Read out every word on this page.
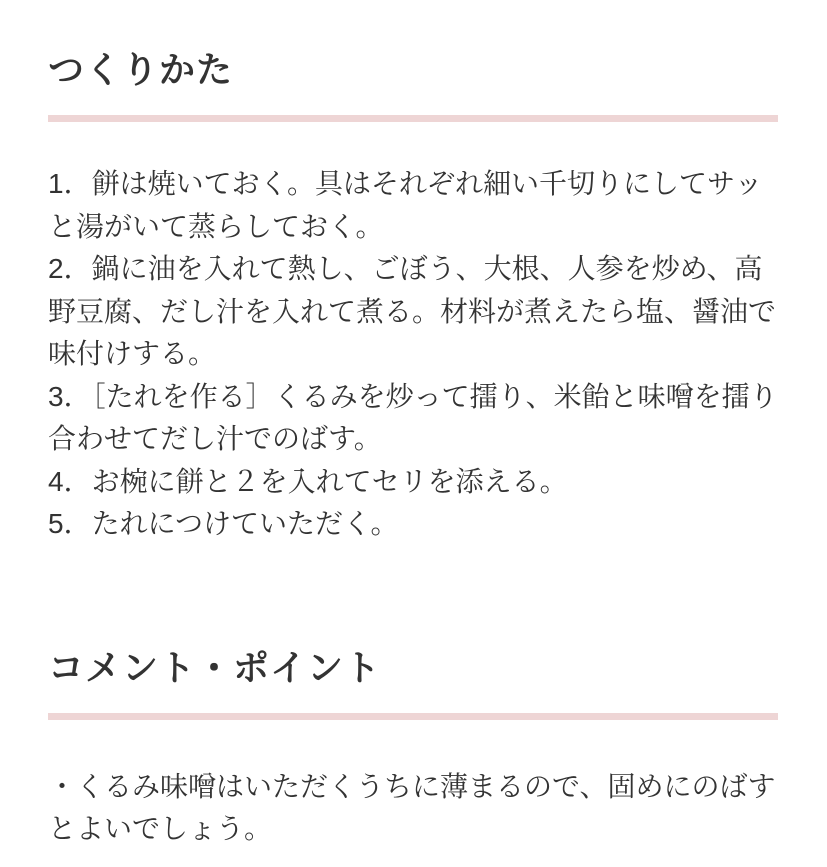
つくりかた
1．餅は焼いておく。具はそれぞれ細い千切りにしてサッと湯がいて蒸らしておく。
2．鍋に油を入れて熱し、ごぼう、大根、人参を炒め、高野豆腐、だし汁を入れて煮る。材料が煮えたら塩、醤油で味付けする。
3．［たれを作る］くるみを炒って擂り、米飴と味噌を擂り合わせてだし汁でのばす。
4．お椀に餅と２を入れてセリを添える。
5．たれにつけていただく。
コメント・ポイント

・くるみ味噌はいただくうちに薄まるので、固めにのばすとよいでしょう。
